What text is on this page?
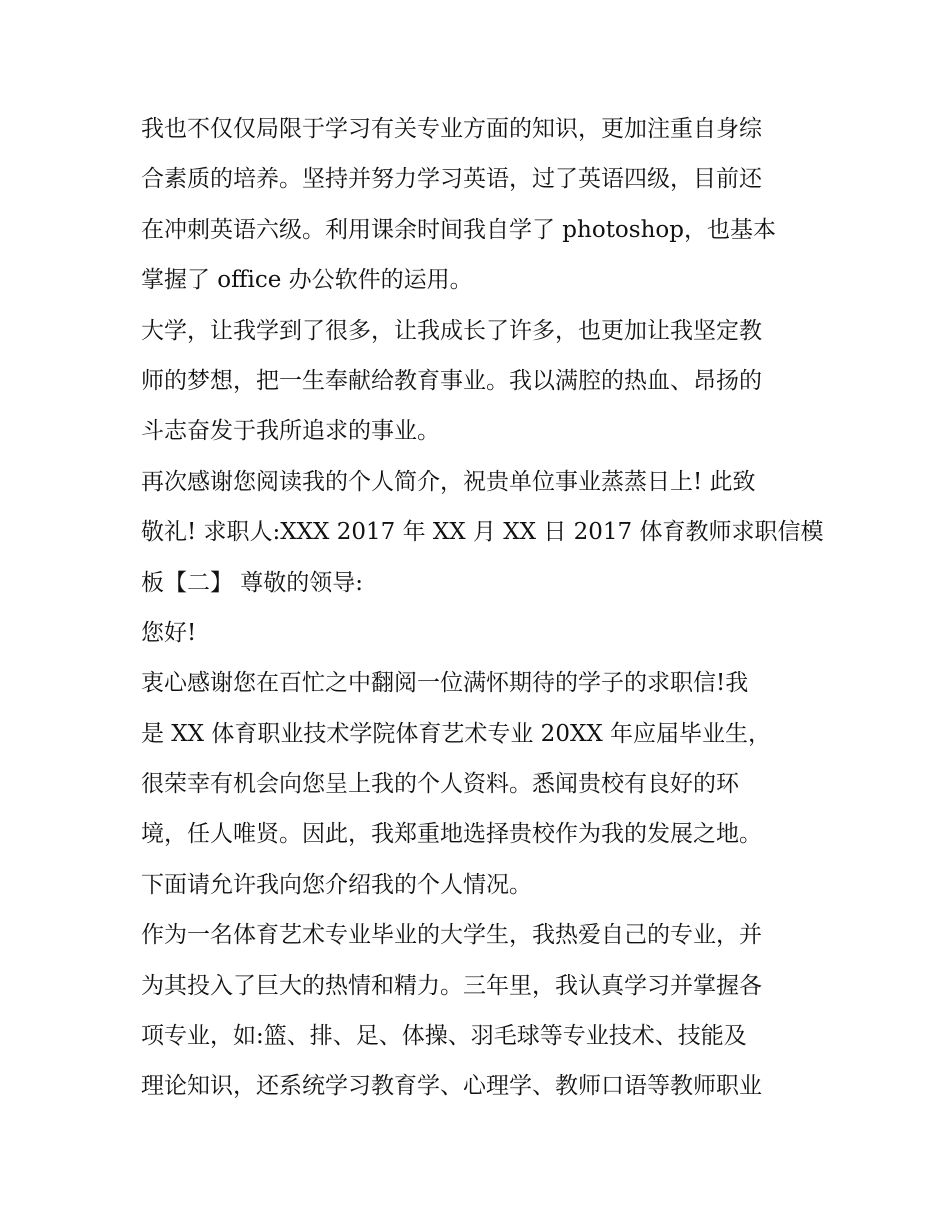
我也不仅仅局限于学习有关专业方面的知识，更加注重自身综
合素质的培养。坚持并努力学习英语，过了英语四级，目前还
在冲刺英语六级。利用课余时间我自学了 photoshop，也基本
掌握了 office 办公软件的运用。
大学，让我学到了很多，让我成长了许多，也更加让我坚定教
师的梦想，把一生奉献给教育事业。我以满腔的热血、昂扬的
斗志奋发于我所追求的事业。
再次感谢您阅读我的个人简介，祝贵单位事业蒸蒸日上! 此致
敬礼! 求职人:XXX 2017 年 XX 月 XX 日 2017 体育教师求职信模
板【二】 尊敬的领导:
您好!
衷心感谢您在百忙之中翻阅一位满怀期待的学子的求职信!我
是 XX 体育职业技术学院体育艺术专业 20XX 年应届毕业生，
很荣幸有机会向您呈上我的个人资料。悉闻贵校有良好的环
境，任人唯贤。因此，我郑重地选择贵校作为我的发展之地。
下面请允许我向您介绍我的个人情况。
作为一名体育艺术专业毕业的大学生，我热爱自己的专业，并
为其投入了巨大的热情和精力。三年里，我认真学习并掌握各
项专业，如:篮、排、足、体操、羽毛球等专业技术、技能及
理论知识，还系统学习教育学、心理学、教师口语等教师职业
